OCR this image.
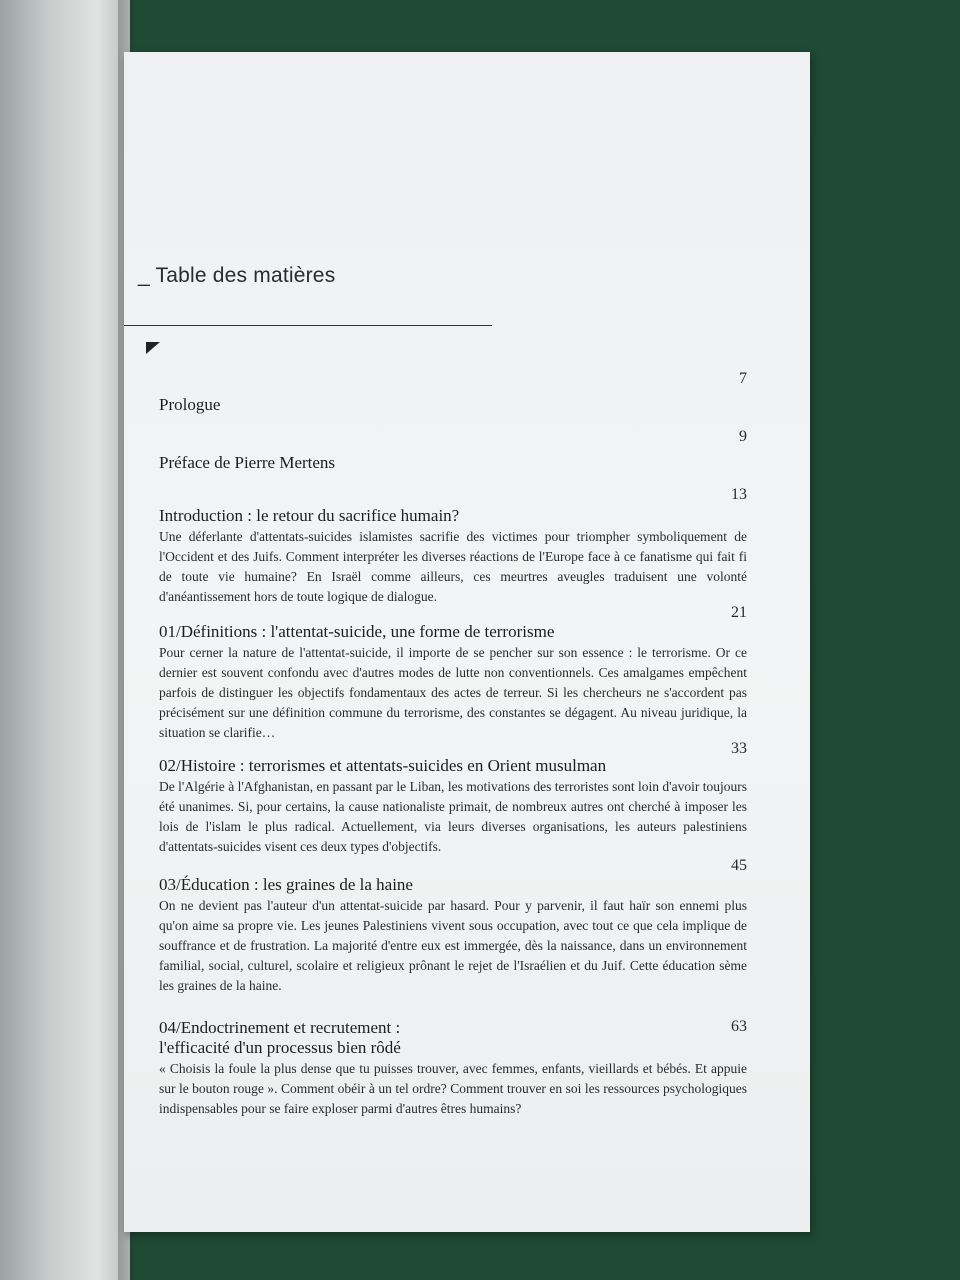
_ Table des matières
7
Prologue
9
Préface de Pierre Mertens
13
Introduction : le retour du sacrifice humain?
Une déferlante d'attentats-suicides islamistes sacrifie des victimes pour triompher symboliquement de l'Occident et des Juifs. Comment interpréter les diverses réactions de l'Europe face à ce fanatisme qui fait fi de toute vie humaine? En Israël comme ailleurs, ces meurtres aveugles traduisent une volonté d'anéantissement hors de toute logique de dialogue.
21
01/Définitions : l'attentat-suicide, une forme de terrorisme
Pour cerner la nature de l'attentat-suicide, il importe de se pencher sur son essence : le terrorisme. Or ce dernier est souvent confondu avec d'autres modes de lutte non conventionnels. Ces amalgames empêchent parfois de distinguer les objectifs fondamentaux des actes de terreur. Si les chercheurs ne s'accordent pas précisément sur une définition commune du terrorisme, des constantes se dégagent. Au niveau juridique, la situation se clarifie…
33
02/Histoire : terrorismes et attentats-suicides en Orient musulman
De l'Algérie à l'Afghanistan, en passant par le Liban, les motivations des terroristes sont loin d'avoir toujours été unanimes. Si, pour certains, la cause nationaliste primait, de nombreux autres ont cherché à imposer les lois de l'islam le plus radical. Actuellement, via leurs diverses organisations, les auteurs palestiniens d'attentats-suicides visent ces deux types d'objectifs.
45
03/Éducation : les graines de la haine
On ne devient pas l'auteur d'un attentat-suicide par hasard. Pour y parvenir, il faut haïr son ennemi plus qu'on aime sa propre vie. Les jeunes Palestiniens vivent sous occupation, avec tout ce que cela implique de souffrance et de frustration. La majorité d'entre eux est immergée, dès la naissance, dans un environnement familial, social, culturel, scolaire et religieux prônant le rejet de l'Israélien et du Juif. Cette éducation sème les graines de la haine.
63
04/Endoctrinement et recrutement :
l'efficacité d'un processus bien rôdé
« Choisis la foule la plus dense que tu puisses trouver, avec femmes, enfants, vieillards et bébés. Et appuie sur le bouton rouge ». Comment obéir à un tel ordre? Comment trouver en soi les ressources psychologiques indispensables pour se faire exploser parmi d'autres êtres humains?
